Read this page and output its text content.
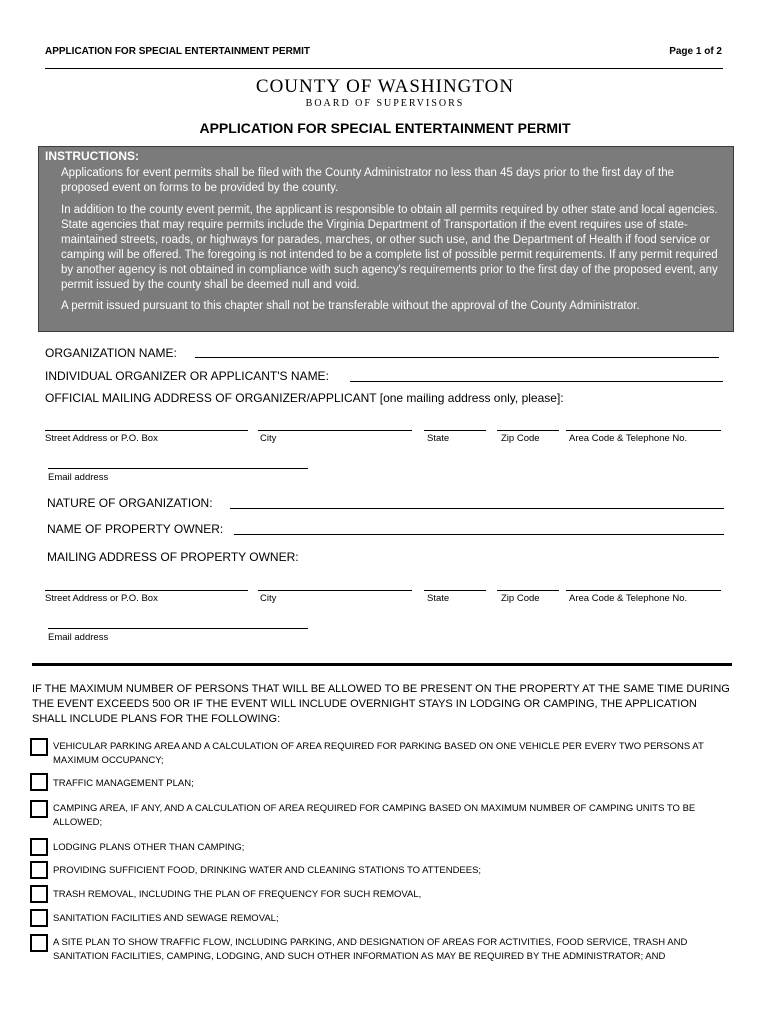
APPLICATION FOR SPECIAL ENTERTAINMENT PERMIT	Page 1 of 2
COUNTY OF WASHINGTON
BOARD OF SUPERVISORS
APPLICATION FOR SPECIAL ENTERTAINMENT PERMIT
INSTRUCTIONS:
Applications for event permits shall be filed with the County Administrator no less than 45 days prior to the first day of the proposed event on forms to be provided by the county.
In addition to the county event permit, the applicant is responsible to obtain all permits required by other state and local agencies. State agencies that may require permits include the Virginia Department of Transportation if the event requires use of state-maintained streets, roads, or highways for parades, marches, or other such use, and the Department of Health if food service or camping will be offered. The foregoing is not intended to be a complete list of possible permit requirements. If any permit required by another agency is not obtained in compliance with such agency's requirements prior to the first day of the proposed event, any permit issued by the county shall be deemed null and void.
A permit issued pursuant to this chapter shall not be transferable without the approval of the County Administrator.
ORGANIZATION NAME:
INDIVIDUAL ORGANIZER OR APPLICANT'S NAME:
OFFICIAL MAILING ADDRESS OF ORGANIZER/APPLICANT [one mailing address only, please]:
Street Address or P.O. Box	City	State	Zip Code	Area Code & Telephone No.
Email address
NATURE OF ORGANIZATION:
NAME OF PROPERTY OWNER:
MAILING ADDRESS OF PROPERTY OWNER:
Street Address or P.O. Box	City	State	Zip Code	Area Code & Telephone No.
Email address
IF THE MAXIMUM NUMBER OF PERSONS THAT WILL BE ALLOWED TO BE PRESENT ON THE PROPERTY AT THE SAME TIME DURING THE EVENT EXCEEDS 500 OR IF THE EVENT WILL INCLUDE OVERNIGHT STAYS IN LODGING OR CAMPING, THE APPLICATION SHALL INCLUDE PLANS FOR THE FOLLOWING:
VEHICULAR PARKING AREA AND A CALCULATION OF AREA REQUIRED FOR PARKING BASED ON ONE VEHICLE PER EVERY TWO PERSONS AT MAXIMUM OCCUPANCY;
TRAFFIC MANAGEMENT PLAN;
CAMPING AREA, IF ANY, AND A CALCULATION OF AREA REQUIRED FOR CAMPING BASED ON MAXIMUM NUMBER OF CAMPING UNITS TO BE ALLOWED;
LODGING PLANS OTHER THAN CAMPING;
PROVIDING SUFFICIENT FOOD, DRINKING WATER AND CLEANING STATIONS TO ATTENDEES;
TRASH REMOVAL, INCLUDING THE PLAN OF FREQUENCY FOR SUCH REMOVAL,
SANITATION FACILITIES AND SEWAGE REMOVAL;
A SITE PLAN TO SHOW TRAFFIC FLOW, INCLUDING PARKING, AND DESIGNATION OF AREAS FOR ACTIVITIES, FOOD SERVICE, TRASH AND SANITATION FACILITIES, CAMPING, LODGING, AND SUCH OTHER INFORMATION AS MAY BE REQUIRED BY THE ADMINISTRATOR; AND
